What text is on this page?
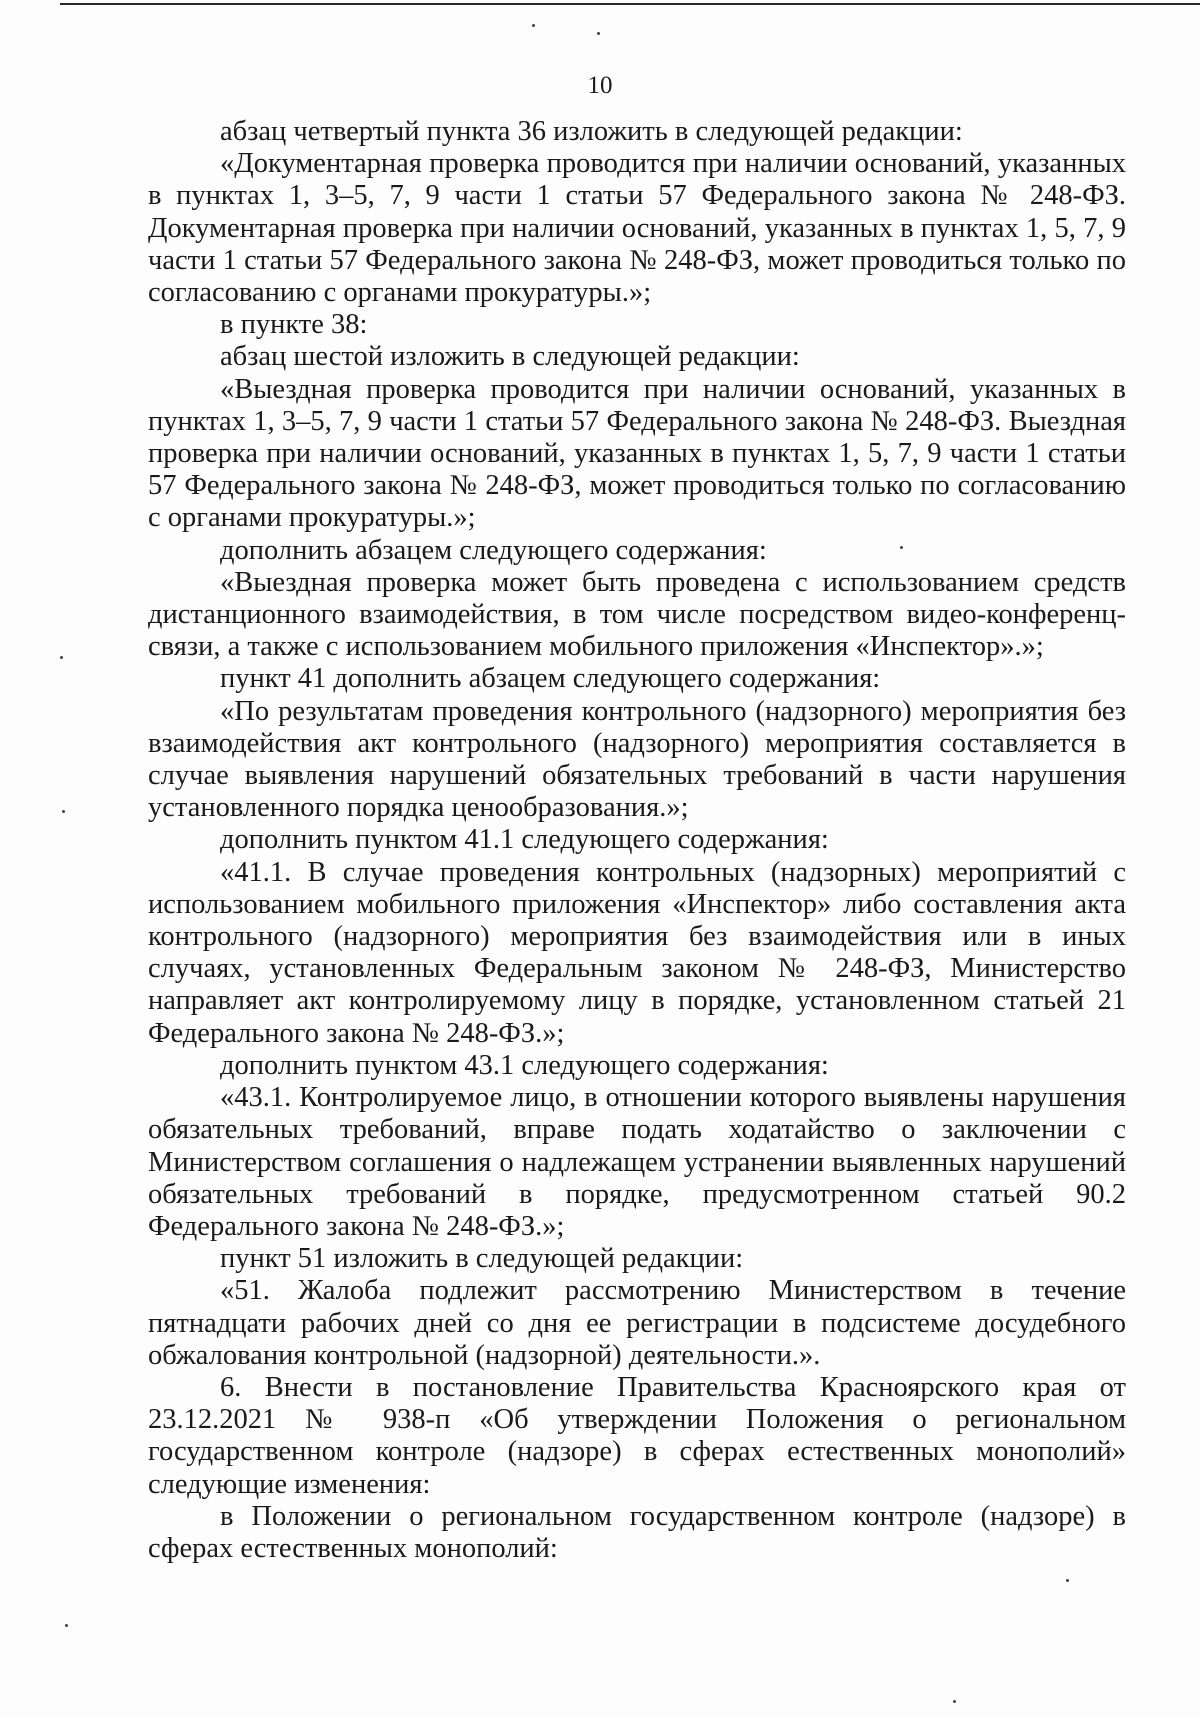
10

абзац четвертый пункта 36 изложить в следующей редакции:

«Документарная проверка проводится при наличии оснований, указанных в пунктах 1, 3–5, 7, 9 части 1 статьи 57 Федерального закона № 248-ФЗ. Документарная проверка при наличии оснований, указанных в пунктах 1, 5, 7, 9 части 1 статьи 57 Федерального закона № 248-ФЗ, может проводиться только по согласованию с органами прокуратуры.»;

в пункте 38:

абзац шестой изложить в следующей редакции:

«Выездная проверка проводится при наличии оснований, указанных в пунктах 1, 3–5, 7, 9 части 1 статьи 57 Федерального закона № 248-ФЗ. Выездная проверка при наличии оснований, указанных в пунктах 1, 5, 7, 9 части 1 статьи 57 Федерального закона № 248-ФЗ, может проводиться только по согласованию с органами прокуратуры.»;

дополнить абзацем следующего содержания:

«Выездная проверка может быть проведена с использованием средств дистанционного взаимодействия, в том числе посредством видео-конференц-связи, а также с использованием мобильного приложения «Инспектор».»;

пункт 41 дополнить абзацем следующего содержания:

«По результатам проведения контрольного (надзорного) мероприятия без взаимодействия акт контрольного (надзорного) мероприятия составляется в случае выявления нарушений обязательных требований в части нарушения установленного порядка ценообразования.»;

дополнить пунктом 41.1 следующего содержания:

«41.1. В случае проведения контрольных (надзорных) мероприятий с использованием мобильного приложения «Инспектор» либо составления акта контрольного (надзорного) мероприятия без взаимодействия или в иных случаях, установленных Федеральным законом № 248-ФЗ, Министерство направляет акт контролируемому лицу в порядке, установленном статьей 21 Федерального закона № 248-ФЗ.»;

дополнить пунктом 43.1 следующего содержания:

«43.1. Контролируемое лицо, в отношении которого выявлены нарушения обязательных требований, вправе подать ходатайство о заключении с Министерством соглашения о надлежащем устранении выявленных нарушений обязательных требований в порядке, предусмотренном статьей 90.2 Федерального закона № 248-ФЗ.»;

пункт 51 изложить в следующей редакции:

«51. Жалоба подлежит рассмотрению Министерством в течение пятнадцати рабочих дней со дня ее регистрации в подсистеме досудебного обжалования контрольной (надзорной) деятельности.».

6. Внести в постановление Правительства Красноярского края от 23.12.2021 № 938-п «Об утверждении Положения о региональном государственном контроле (надзоре) в сферах естественных монополий» следующие изменения:

в Положении о региональном государственном контроле (надзоре) в сферах естественных монополий:
